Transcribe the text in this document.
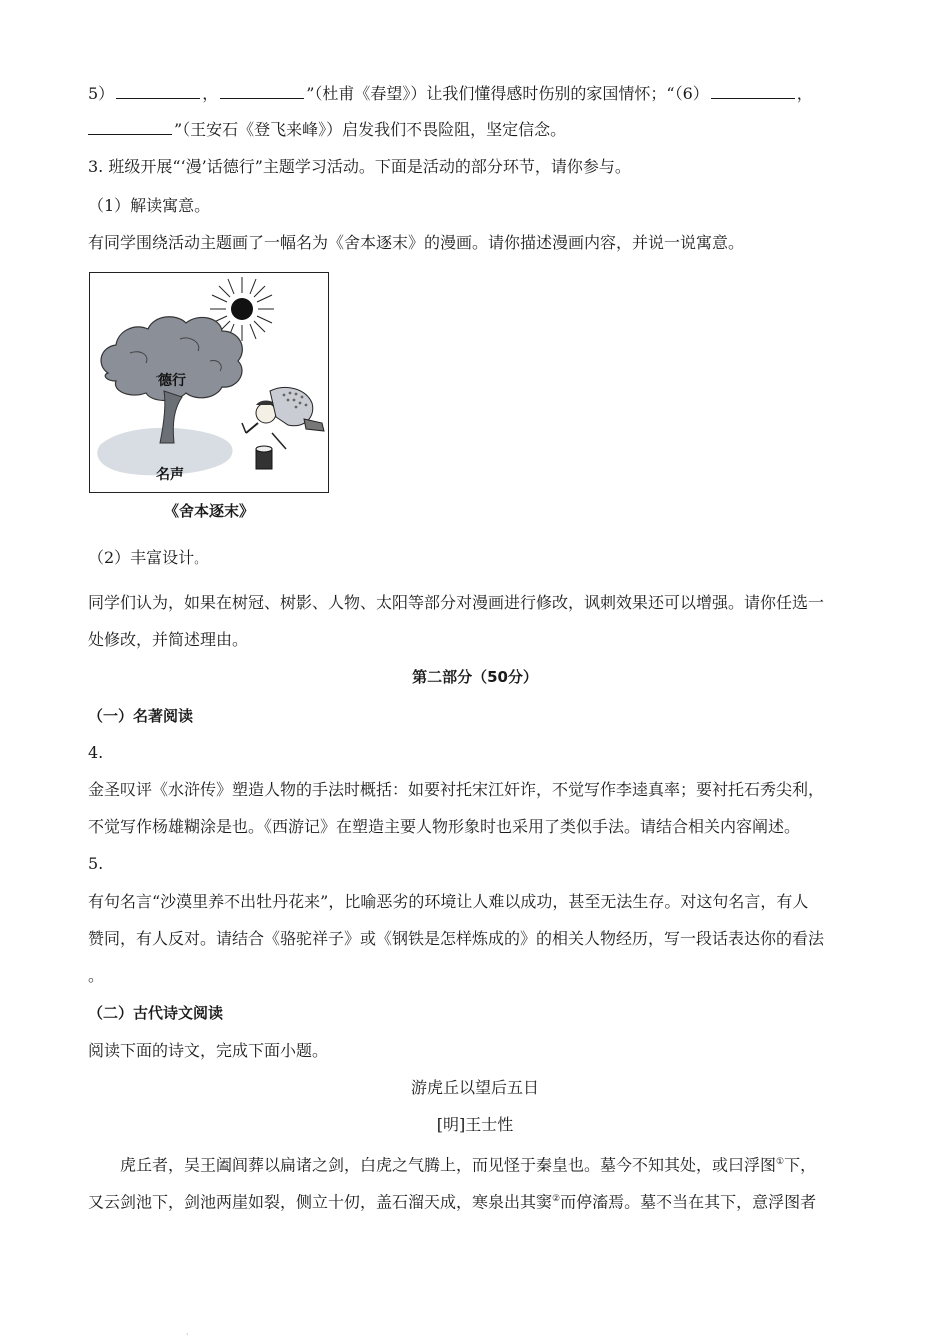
5）	，	”（杜甫《春望》）让我们懂得感时伤别的家国情怀；“（6）	，
”（王安石《登飞来峰》）启发我们不畏险阻，坚定信念。
3. 班级开展“‘漫’话德行”主题学习活动。下面是活动的部分环节，请你参与。
（1）解读寓意。
有同学围绕活动主题画了一幅名为《舍本逐末》的漫画。请你描述漫画内容，并说一说寓意。
德行
名声
《舍本逐末》
（2）丰富设计。
同学们认为，如果在树冠、树影、人物、太阳等部分对漫画进行修改，讽刺效果还可以增强。请你任选一
处修改，并简述理由。
第二部分（50分）
（一）名著阅读
4.
金圣叹评《水浒传》塑造人物的手法时概括：如要衬托宋江奸诈，不觉写作李逵真率；要衬托石秀尖利，
不觉写作杨雄糊涂是也。《西游记》在塑造主要人物形象时也采用了类似手法。请结合相关内容阐述。
5.
有句名言“沙漠里养不出牡丹花来”，比喻恶劣的环境让人难以成功，甚至无法生存。对这句名言，有人
赞同，有人反对。请结合《骆驼祥子》或《钢铁是怎样炼成的》的相关人物经历，写一段话表达你的看法
。
（二）古代诗文阅读
阅读下面的诗文，完成下面小题。
游虎丘以望后五日
[明]王士性
虎丘者，吴王阖闾葬以扁诸之剑，白虎之气腾上，而见怪于秦皇也。墓今不知其处，或曰浮图①下，
又云剑池下，剑池两崖如裂，侧立十仞，盖石溜天成，寒泉出其窦②而停滀焉。墓不当在其下，意浮图者
·
